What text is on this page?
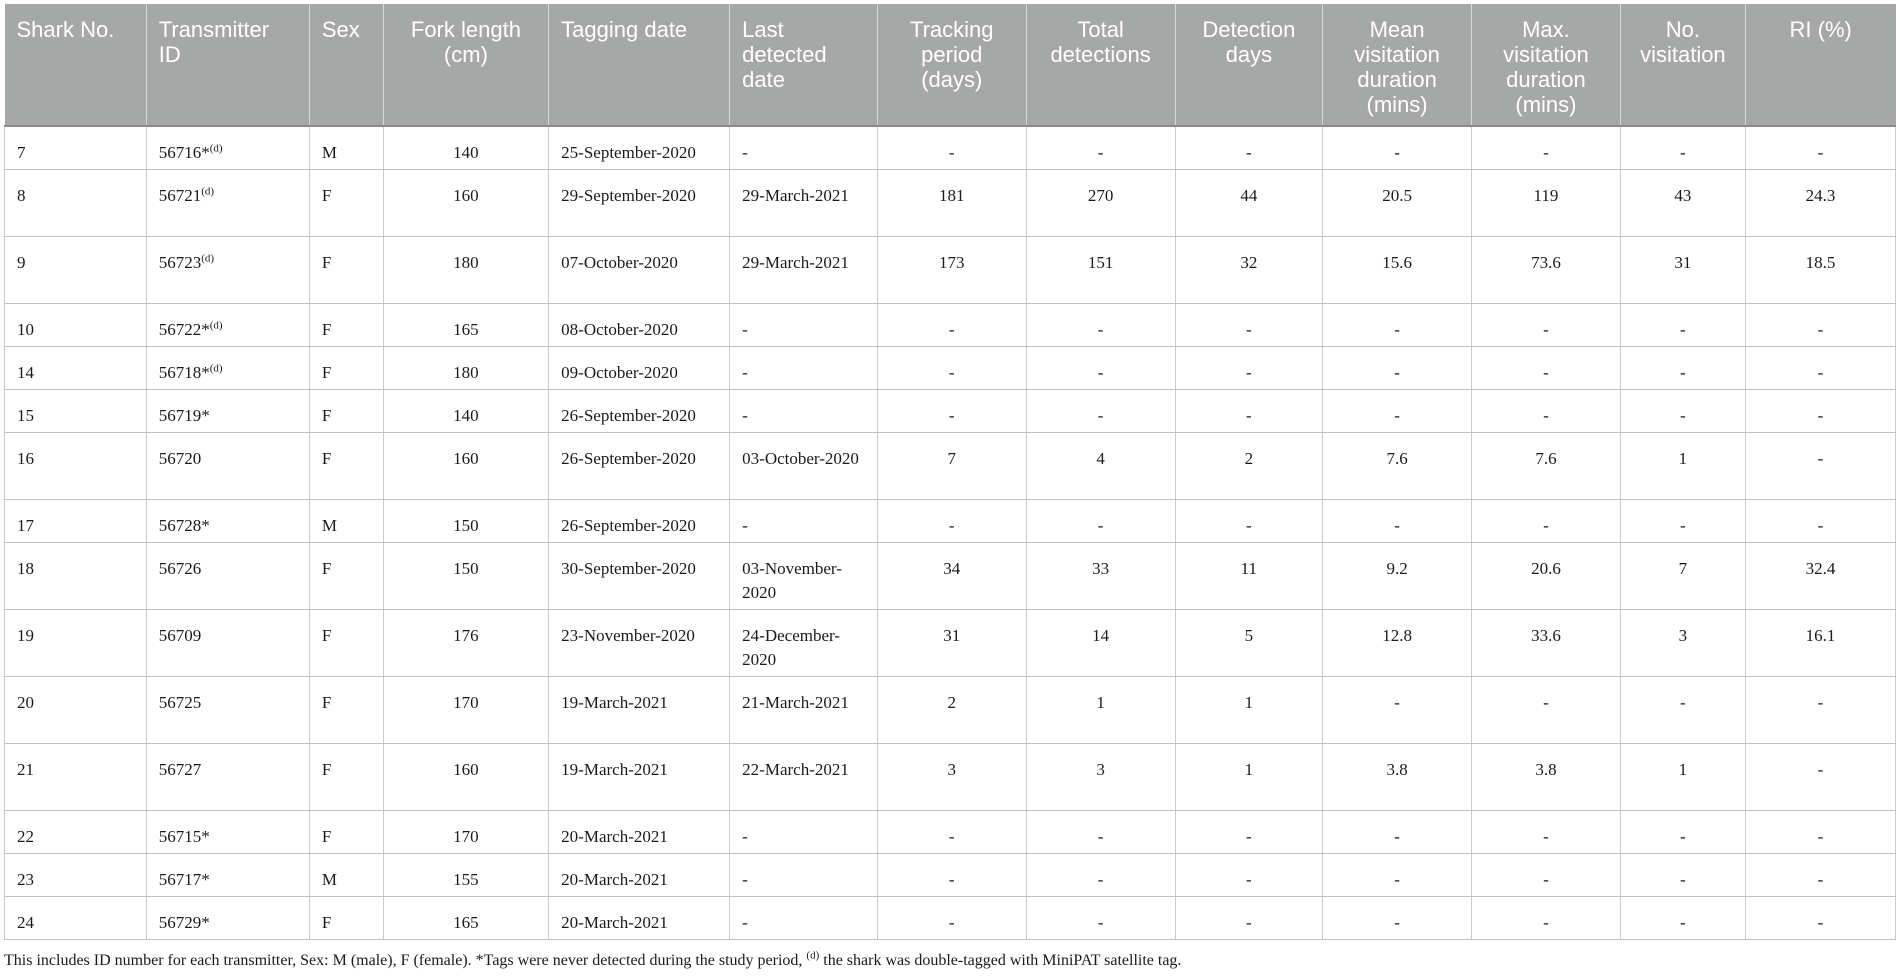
Shark No.	Transmitter ID	Sex	Fork length (cm)	Tagging date	Last detected date	Tracking period (days)	Total detections	Detection days	Mean visitation duration (mins)	Max. visitation duration (mins)	No. visitation	RI (%)
7	56716*$^{(d)}$	M	140	25-September-2020	-	-	-	-	-	-	-	-
8	56721$^{(d)}$	F	160	29-September-2020	29-March-2021	181	270	44	20.5	119	43	24.3
9	56723$^{(d)}$	F	180	07-October-2020	29-March-2021	173	151	32	15.6	73.6	31	18.5
10	56722*$^{(d)}$	F	165	08-October-2020	-	-	-	-	-	-	-	-
14	56718*$^{(d)}$	F	180	09-October-2020	-	-	-	-	-	-	-	-
15	56719*	F	140	26-September-2020	-	-	-	-	-	-	-	-
16	56720	F	160	26-September-2020	03-October-2020	7	4	2	7.6	7.6	1	-
17	56728*	M	150	26-September-2020	-	-	-	-	-	-	-	-
18	56726	F	150	30-September-2020	03-November-2020	34	33	11	9.2	20.6	7	32.4
19	56709	F	176	23-November-2020	24-December-2020	31	14	5	12.8	33.6	3	16.1
20	56725	F	170	19-March-2021	21-March-2021	2	1	1	-	-	-	-
21	56727	F	160	19-March-2021	22-March-2021	3	3	1	3.8	3.8	1	-
22	56715*	F	170	20-March-2021	-	-	-	-	-	-	-	-
23	56717*	M	155	20-March-2021	-	-	-	-	-	-	-	-
24	56729*	F	165	20-March-2021	-	-	-	-	-	-	-	-
This includes ID number for each transmitter, Sex: M (male), F (female). *Tags were never detected during the study period, $^{(d)}$ the shark was double-tagged with MiniPAT satellite tag.
